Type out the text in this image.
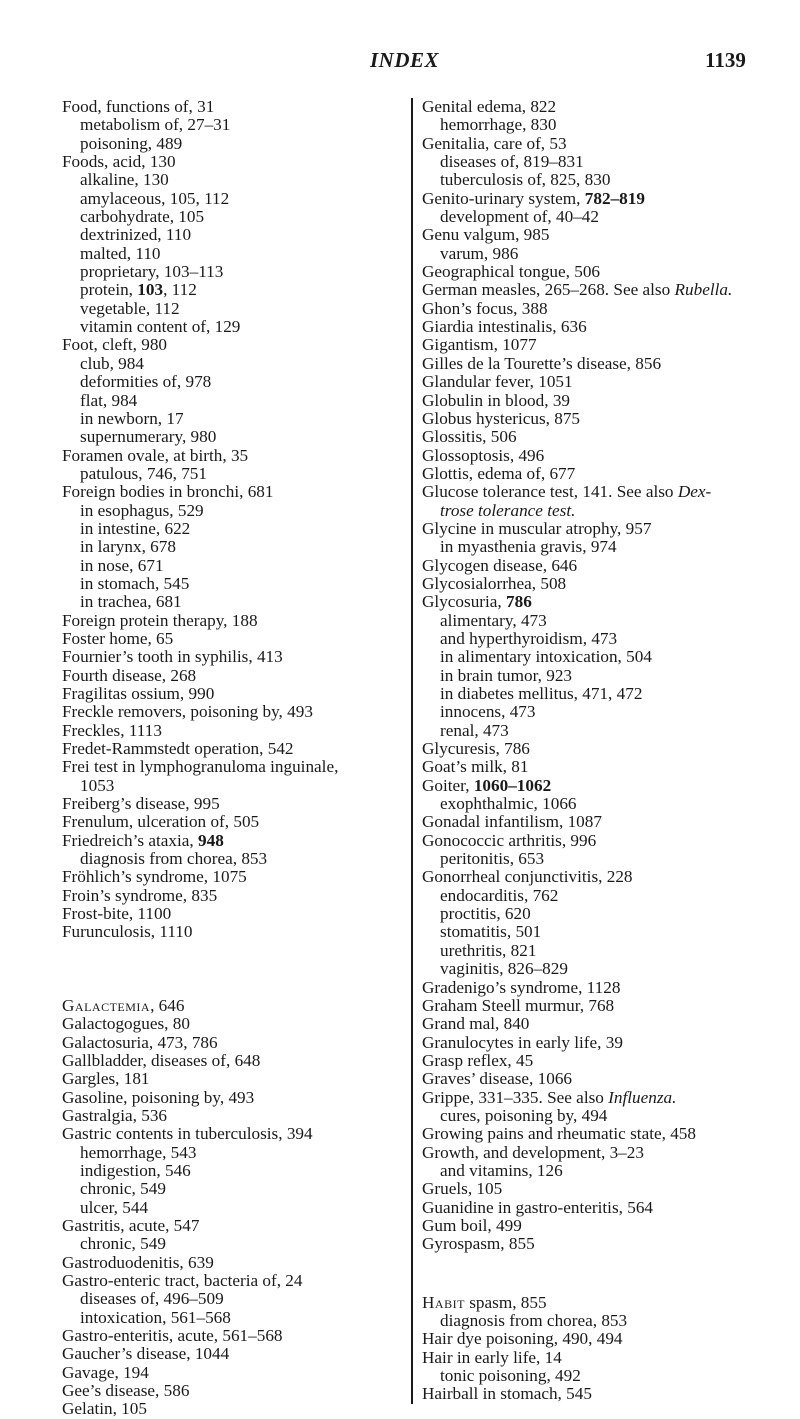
INDEX	1139

Food, functions of, 31

metabolism of, 27–31

poisoning, 489

Foods, acid, 130

alkaline, 130

amylaceous, 105, 112

carbohydrate, 105

dextrinized, 110

malted, 110

proprietary, 103–113

protein, 103, 112

vegetable, 112

vitamin content of, 129

Foot, cleft, 980

club, 984

deformities of, 978

flat, 984

in newborn, 17

supernumerary, 980

Foramen ovale, at birth, 35

patulous, 746, 751

Foreign bodies in bronchi, 681

in esophagus, 529

in intestine, 622

in larynx, 678

in nose, 671

in stomach, 545

in trachea, 681

Foreign protein therapy, 188

Foster home, 65

Fournier’s tooth in syphilis, 413

Fourth disease, 268

Fragilitas ossium, 990

Freckle removers, poisoning by, 493

Freckles, 1113

Fredet-Rammstedt operation, 542

Frei test in lymphogranuloma inguinale,

1053

Freiberg’s disease, 995

Frenulum, ulceration of, 505

Friedreich’s ataxia, 948

diagnosis from chorea, 853

Fröhlich’s syndrome, 1075

Froin’s syndrome, 835

Frost-bite, 1100

Furunculosis, 1110

Galactemia, 646

Galactogogues, 80

Galactosuria, 473, 786

Gallbladder, diseases of, 648

Gargles, 181

Gasoline, poisoning by, 493

Gastralgia, 536

Gastric contents in tuberculosis, 394

hemorrhage, 543

indigestion, 546

chronic, 549

ulcer, 544

Gastritis, acute, 547

chronic, 549

Gastroduodenitis, 639

Gastro-enteric tract, bacteria of, 24

diseases of, 496–509

intoxication, 561–568

Gastro-enteritis, acute, 561–568

Gaucher’s disease, 1044

Gavage, 194

Gee’s disease, 586

Gelatin, 105

Genital edema, 822

hemorrhage, 830

Genitalia, care of, 53

diseases of, 819–831

tuberculosis of, 825, 830

Genito-urinary system, 782–819

development of, 40–42

Genu valgum, 985

varum, 986

Geographical tongue, 506

German measles, 265–268. See also Rubella.

Ghon’s focus, 388

Giardia intestinalis, 636

Gigantism, 1077

Gilles de la Tourette’s disease, 856

Glandular fever, 1051

Globulin in blood, 39

Globus hystericus, 875

Glossitis, 506

Glossoptosis, 496

Glottis, edema of, 677

Glucose tolerance test, 141. See also Dex-

trose tolerance test.

Glycine in muscular atrophy, 957

in myasthenia gravis, 974

Glycogen disease, 646

Glycosialorrhea, 508

Glycosuria, 786

alimentary, 473

and hyperthyroidism, 473

in alimentary intoxication, 504

in brain tumor, 923

in diabetes mellitus, 471, 472

innocens, 473

renal, 473

Glycuresis, 786

Goat’s milk, 81

Goiter, 1060–1062

exophthalmic, 1066

Gonadal infantilism, 1087

Gonococcic arthritis, 996

peritonitis, 653

Gonorrheal conjunctivitis, 228

endocarditis, 762

proctitis, 620

stomatitis, 501

urethritis, 821

vaginitis, 826–829

Gradenigo’s syndrome, 1128

Graham Steell murmur, 768

Grand mal, 840

Granulocytes in early life, 39

Grasp reflex, 45

Graves’ disease, 1066

Grippe, 331–335. See also Influenza.

cures, poisoning by, 494

Growing pains and rheumatic state, 458

Growth, and development, 3–23

and vitamins, 126

Gruels, 105

Guanidine in gastro-enteritis, 564

Gum boil, 499

Gyrospasm, 855

Habit spasm, 855

diagnosis from chorea, 853

Hair dye poisoning, 490, 494

Hair in early life, 14

tonic poisoning, 492

Hairball in stomach, 545
